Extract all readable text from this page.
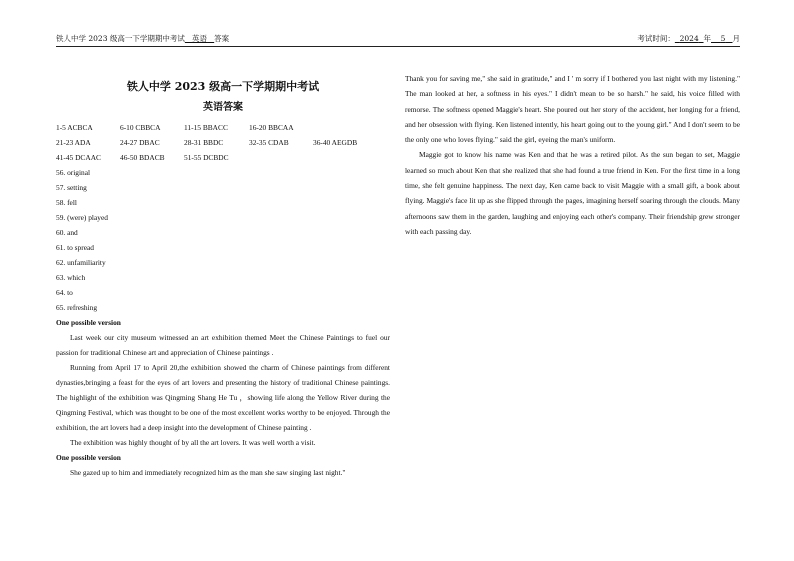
铁人中学 2023 级高一下学期期中考试 英语 答案	考试时间： 2024 年 5 月
铁人中学 2023 级高一下学期期中考试
英语答案
1-5 ACBCA	6-10 CBBCA	11-15 BBACC	16-20 BBCAA
21-23 ADA	24-27 DBAC	28-31 BBDC	32-35 CDAB	36-40 AEGDB
41-45 DCAAC	46-50 BDACB	51-55 DCBDC
56. original
57. setting
58. fell
59. (were) played
60. and
61. to spread
62. unfamiliarity
63. which
64. to
65. refreshing
One possible version

Last week our city museum witnessed an art exhibition themed Meet the Chinese Paintings to fuel our passion for traditional Chinese art and appreciation of Chinese paintings .

Running from April 17 to April 20,the exhibition showed the charm of Chinese paintings from different dynasties,bringing a feast for the eyes of art lovers and presenting the history of traditional Chinese paintings. The highlight of the exhibition was Qingming Shang He Tu ，showing life along the Yellow River during the Qingming Festival, which was thought to be one of the most excellent works worthy to be enjoyed. Through the exhibition, the art lovers had a deep insight into the development of Chinese painting .

The exhibition was highly thought of by all the art lovers. It was well worth a visit.

One possible version

She gazed up to him and immediately recognized him as the man she saw singing last night."

Thank you for saving me," she said in gratitude," and I ' m sorry if I bothered you last night with my listening." The man looked at her, a softness in his eyes." I didn't mean to be so harsh." he said, his voice filled with remorse. The softness opened Maggie's heart. She poured out her story of the accident, her longing for a friend, and her obsession with flying. Ken listened intently, his heart going out to the young girl." And I don't seem to be the only one who loves flying." said the girl, eyeing the man's uniform.

Maggie got to know his name was Ken and that he was a retired pilot. As the sun began to set, Maggie learned so much about Ken that she realized that she had found a true friend in Ken. For the first time in a long time, she felt genuine happiness. The next day, Ken came back to visit Maggie with a small gift, a book about flying. Maggie's face lit up as she flipped through the pages, imagining herself soaring through the clouds. Many afternoons saw them in the garden, laughing and enjoying each other's company. Their friendship grew stronger with each passing day.
